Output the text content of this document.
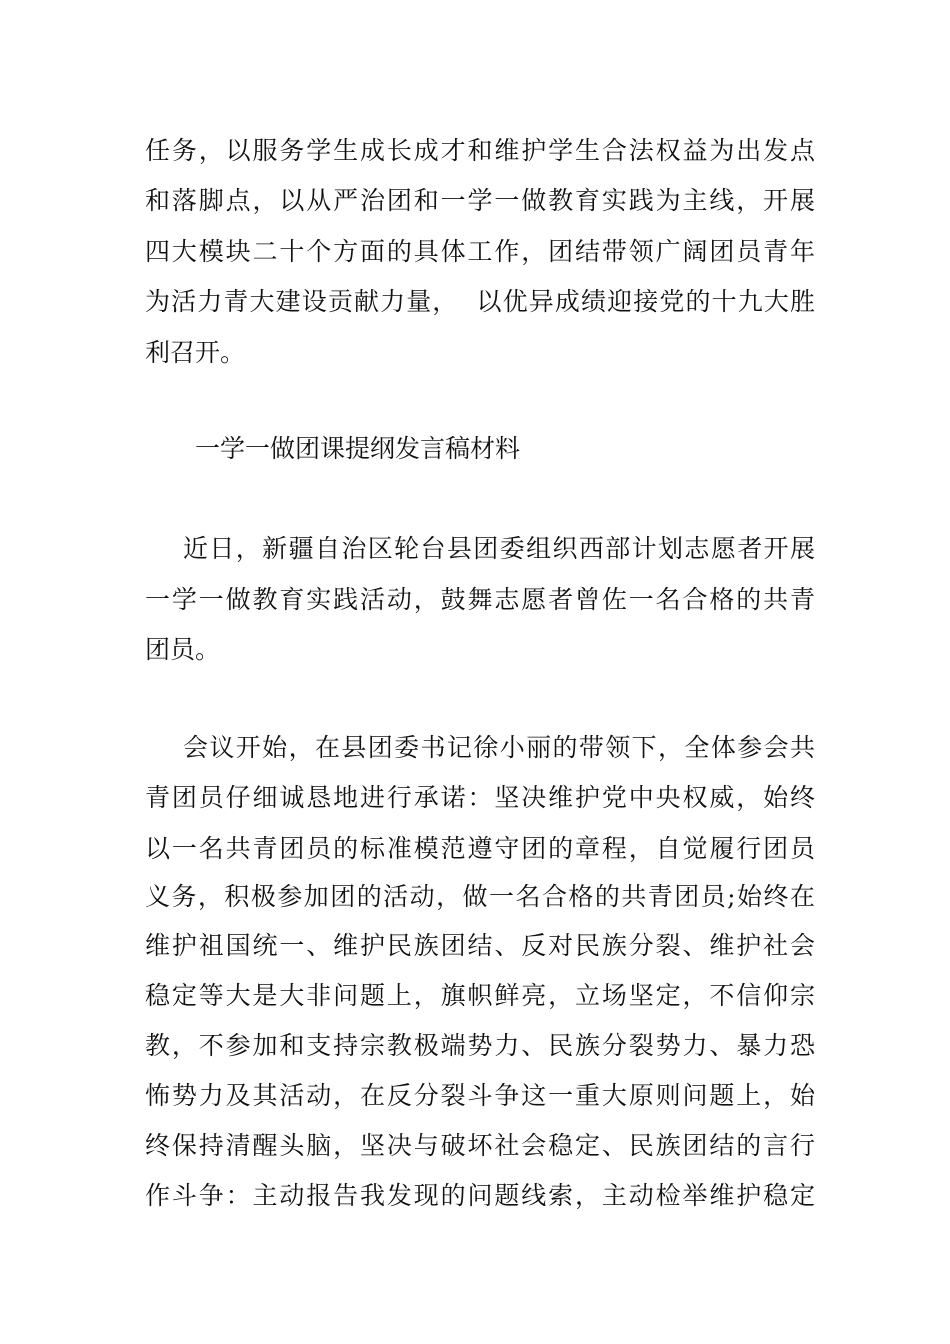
任务，以服务学生成长成才和维护学生合法权益为出发点
和落脚点，以从严治团和一学一做教育实践为主线，开展
四大模块二十个方面的具体工作，团结带领广阔团员青年
为活力青大建设贡献力量，  以优异成绩迎接党的十九大胜
利召开。
一学一做团课提纲发言稿材料
近日，新疆自治区轮台县团委组织西部计划志愿者开展
一学一做教育实践活动，鼓舞志愿者曾佐一名合格的共青
团员。
会议开始，在县团委书记徐小丽的带领下，全体参会共
青团员仔细诚恳地进行承诺：坚决维护党中央权威，始终
以一名共青团员的标准模范遵守团的章程，自觉履行团员
义务，积极参加团的活动，做一名合格的共青团员;始终在
维护祖国统一、维护民族团结、反对民族分裂、维护社会
稳定等大是大非问题上，旗帜鲜亮，立场坚定，不信仰宗
教，不参加和支持宗教极端势力、民族分裂势力、暴力恐
怖势力及其活动，在反分裂斗争这一重大原则问题上，始
终保持清醒头脑，坚决与破坏社会稳定、民族团结的言行
作斗争：主动报告我发现的问题线索，主动检举维护稳定
